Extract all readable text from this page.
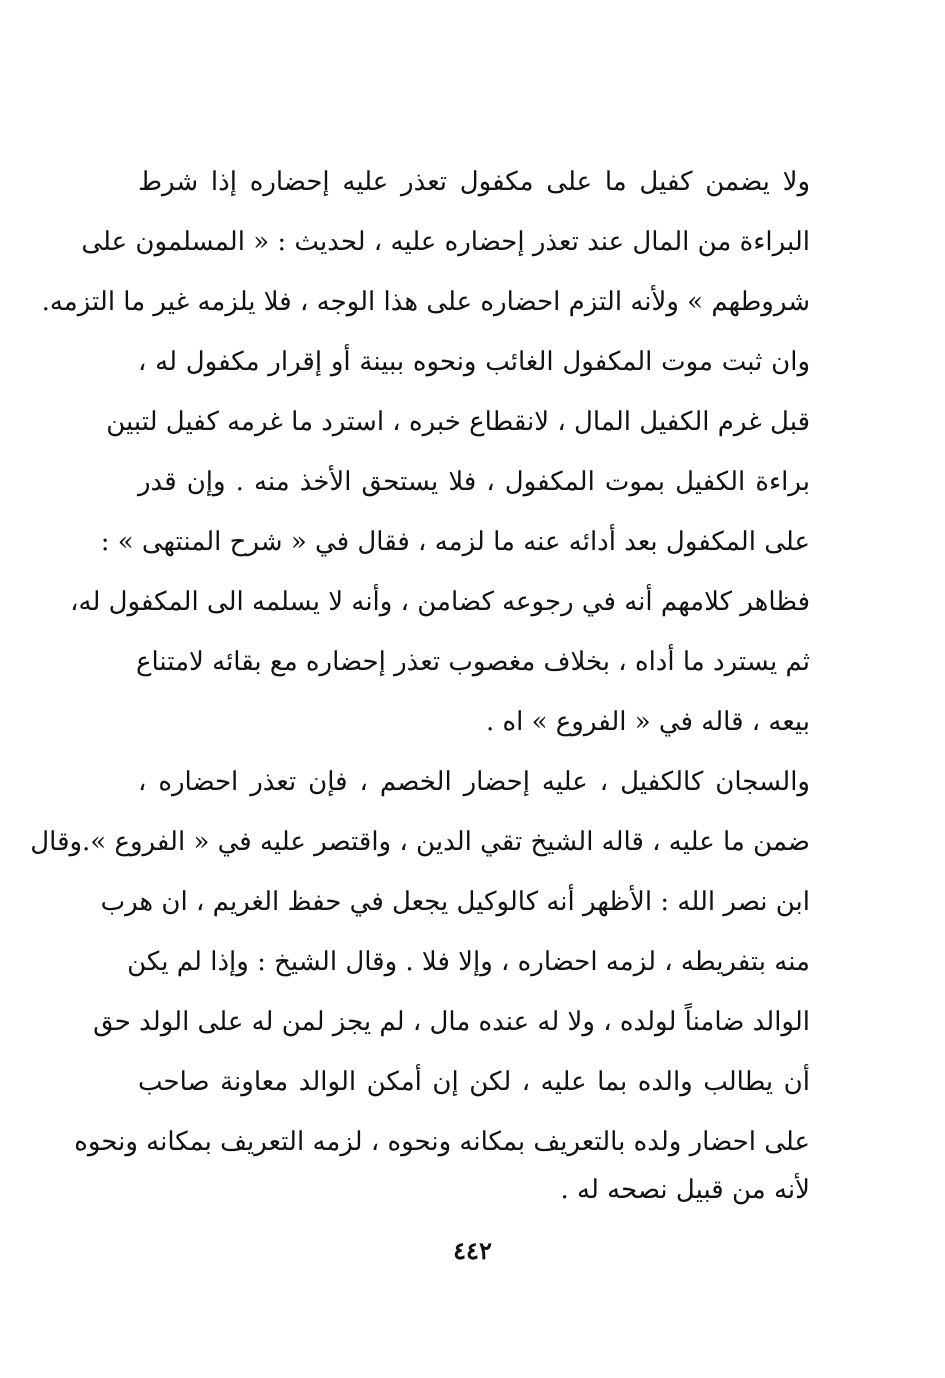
ولا يضمن كفيل ما على مكفول تعذر عليه إحضاره إذا شرط
البراءة من المال عند تعذر إحضاره عليه ، لحديث : « المسلمون على
شروطهم » ولأنه التزم احضاره على هذا الوجه ، فلا يلزمه غير ما التزمه.
وان ثبت موت المكفول الغائب ونحوه ببينة أو إقرار مكفول له ،
قبل غرم الكفيل المال ، لانقطاع خبره ، استرد ما غرمه كفيل لتبين
براءة الكفيل بموت المكفول ، فلا يستحق الأخذ منه . وإن قدر
على المكفول بعد أدائه عنه ما لزمه ، فقال في « شرح المنتهى » :
فظاهر كلامهم أنه في رجوعه كضامن ، وأنه لا يسلمه الى المكفول له،
ثم يسترد ما أداه ، بخلاف مغصوب تعذر إحضاره مع بقائه لامتناع
بيعه ، قاله في « الفروع » اه .
والسجان كالكفيل ، عليه إحضار الخصم ، فإن تعذر احضاره ،
ضمن ما عليه ، قاله الشيخ تقي الدين ، واقتصر عليه في « الفروع ».وقال
ابن نصر الله : الأظهر أنه كالوكيل يجعل في حفظ الغريم ، ان هرب
منه بتفريطه ، لزمه احضاره ، وإلا فلا . وقال الشيخ : وإذا لم يكن
الوالد ضامناً لولده ، ولا له عنده مال ، لم يجز لمن له على الولد حق
أن يطالب والده بما عليه ، لكن إن أمكن الوالد معاونة صاحب
على احضار ولده بالتعريف بمكانه ونحوه ، لزمه التعريف بمكانه ونحوه
لأنه من قبيل نصحه له .
٤٤٢
